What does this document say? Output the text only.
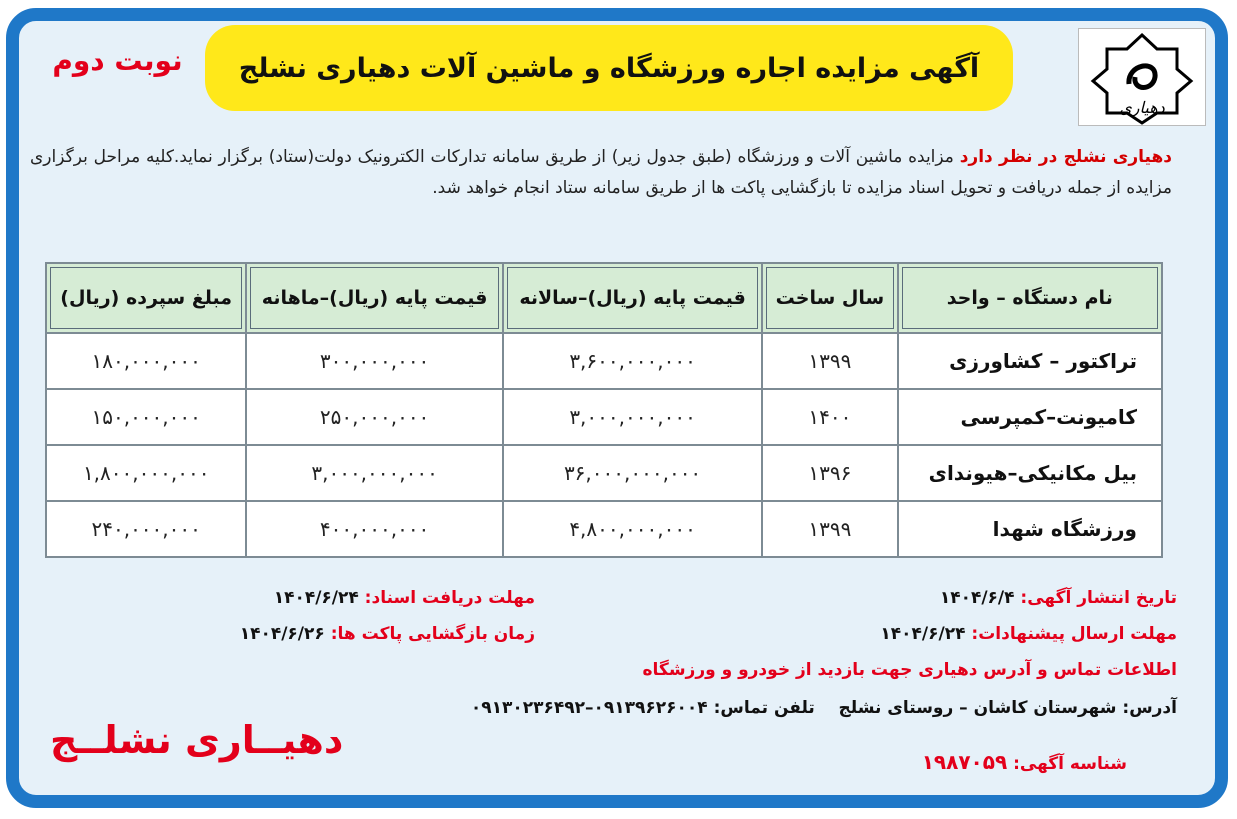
دهیاری
آگهی مزایده اجاره ورزشگاه و ماشین آلات دهیاری نشلج
نوبت دوم
دهیاری نشلج در نظر دارد مزایده ماشین آلات و ورزشگاه (طبق جدول زیر) از طریق سامانه تدارکات الکترونیک دولت(ستاد) برگزار نماید.کلیه مراحل برگزاری مزایده از جمله دریافت و تحویل اسناد مزایده تا بازگشایی پاکت ها از طریق سامانه ستاد انجام خواهد شد.
نام دستگاه – واحد	سال ساخت	قیمت پایه (ریال)–سالانه	قیمت پایه (ریال)–ماهانه	مبلغ سپرده (ریال)
تراکتور – کشاورزی	۱۳۹۹	۳,۶۰۰,۰۰۰,۰۰۰	۳۰۰,۰۰۰,۰۰۰	۱۸۰,۰۰۰,۰۰۰
کامیونت–کمپرسی	۱۴۰۰	۳,۰۰۰,۰۰۰,۰۰۰	۲۵۰,۰۰۰,۰۰۰	۱۵۰,۰۰۰,۰۰۰
بیل مکانیکی–هیوندای	۱۳۹۶	۳۶,۰۰۰,۰۰۰,۰۰۰	۳,۰۰۰,۰۰۰,۰۰۰	۱,۸۰۰,۰۰۰,۰۰۰
ورزشگاه شهدا	۱۳۹۹	۴,۸۰۰,۰۰۰,۰۰۰	۴۰۰,۰۰۰,۰۰۰	۲۴۰,۰۰۰,۰۰۰
تاریخ انتشار آگهی: ۱۴۰۴/۶/۴
مهلت دریافت اسناد: ۱۴۰۴/۶/۲۴
مهلت ارسال پیشنهادات: ۱۴۰۴/۶/۲۴
زمان بازگشایی پاکت ها: ۱۴۰۴/۶/۲۶
اطلاعات تماس و آدرس دهیاری جهت بازدید از خودرو و ورزشگاه
آدرس: شهرستان کاشان – روستای نشلج    تلفن تماس: ۰۹۱۳۹۶۲۶۰۰۴–۰۹۱۳۰۲۳۶۴۹۲
شناسه آگهی: ۱۹۸۷۰۵۹
دهیــاری نشلــج
